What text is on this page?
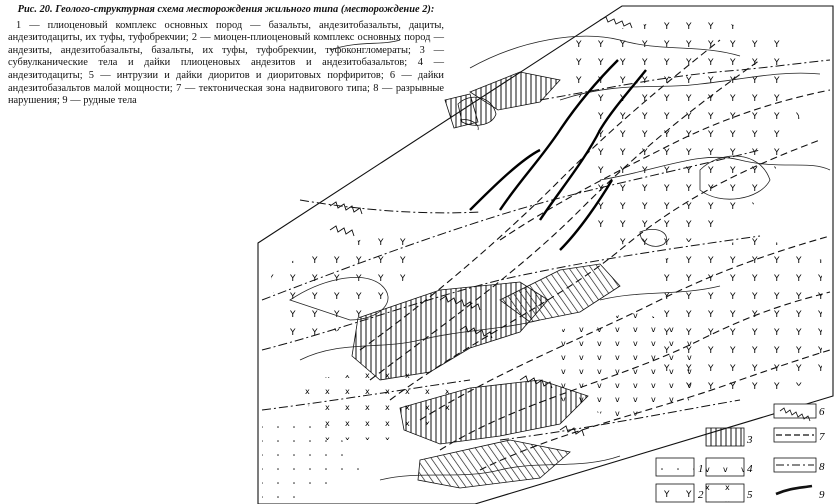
Рис. 20. Геолого-структурная схема месторождения жильного типа (месторождение 2):
1 — плиоценовый комплекс основных пород — базальты, андезитобазальты, дациты, андезитодациты, их туфы, туфобрекчии; 2 — миоцен-плиоценовый комплекс основных пород — андезиты, андезитобазальты, базальты, их туфы, туфобрекчии, туфоконгломераты; 3 — субвулканические тела и дайки плиоценовых андезитов и андезитобазальтов; 4 — андезитодациты; 5 — интрузии и дайки диоритов и диоритовых порфиритов; 6 — дайки андезитобазальтов малой мощности; 7 — тектоническая зона надвигового типа; 8 — разрывные нарушения; 9 — рудные тела
6
3	7
1	4	8
2	5	9
